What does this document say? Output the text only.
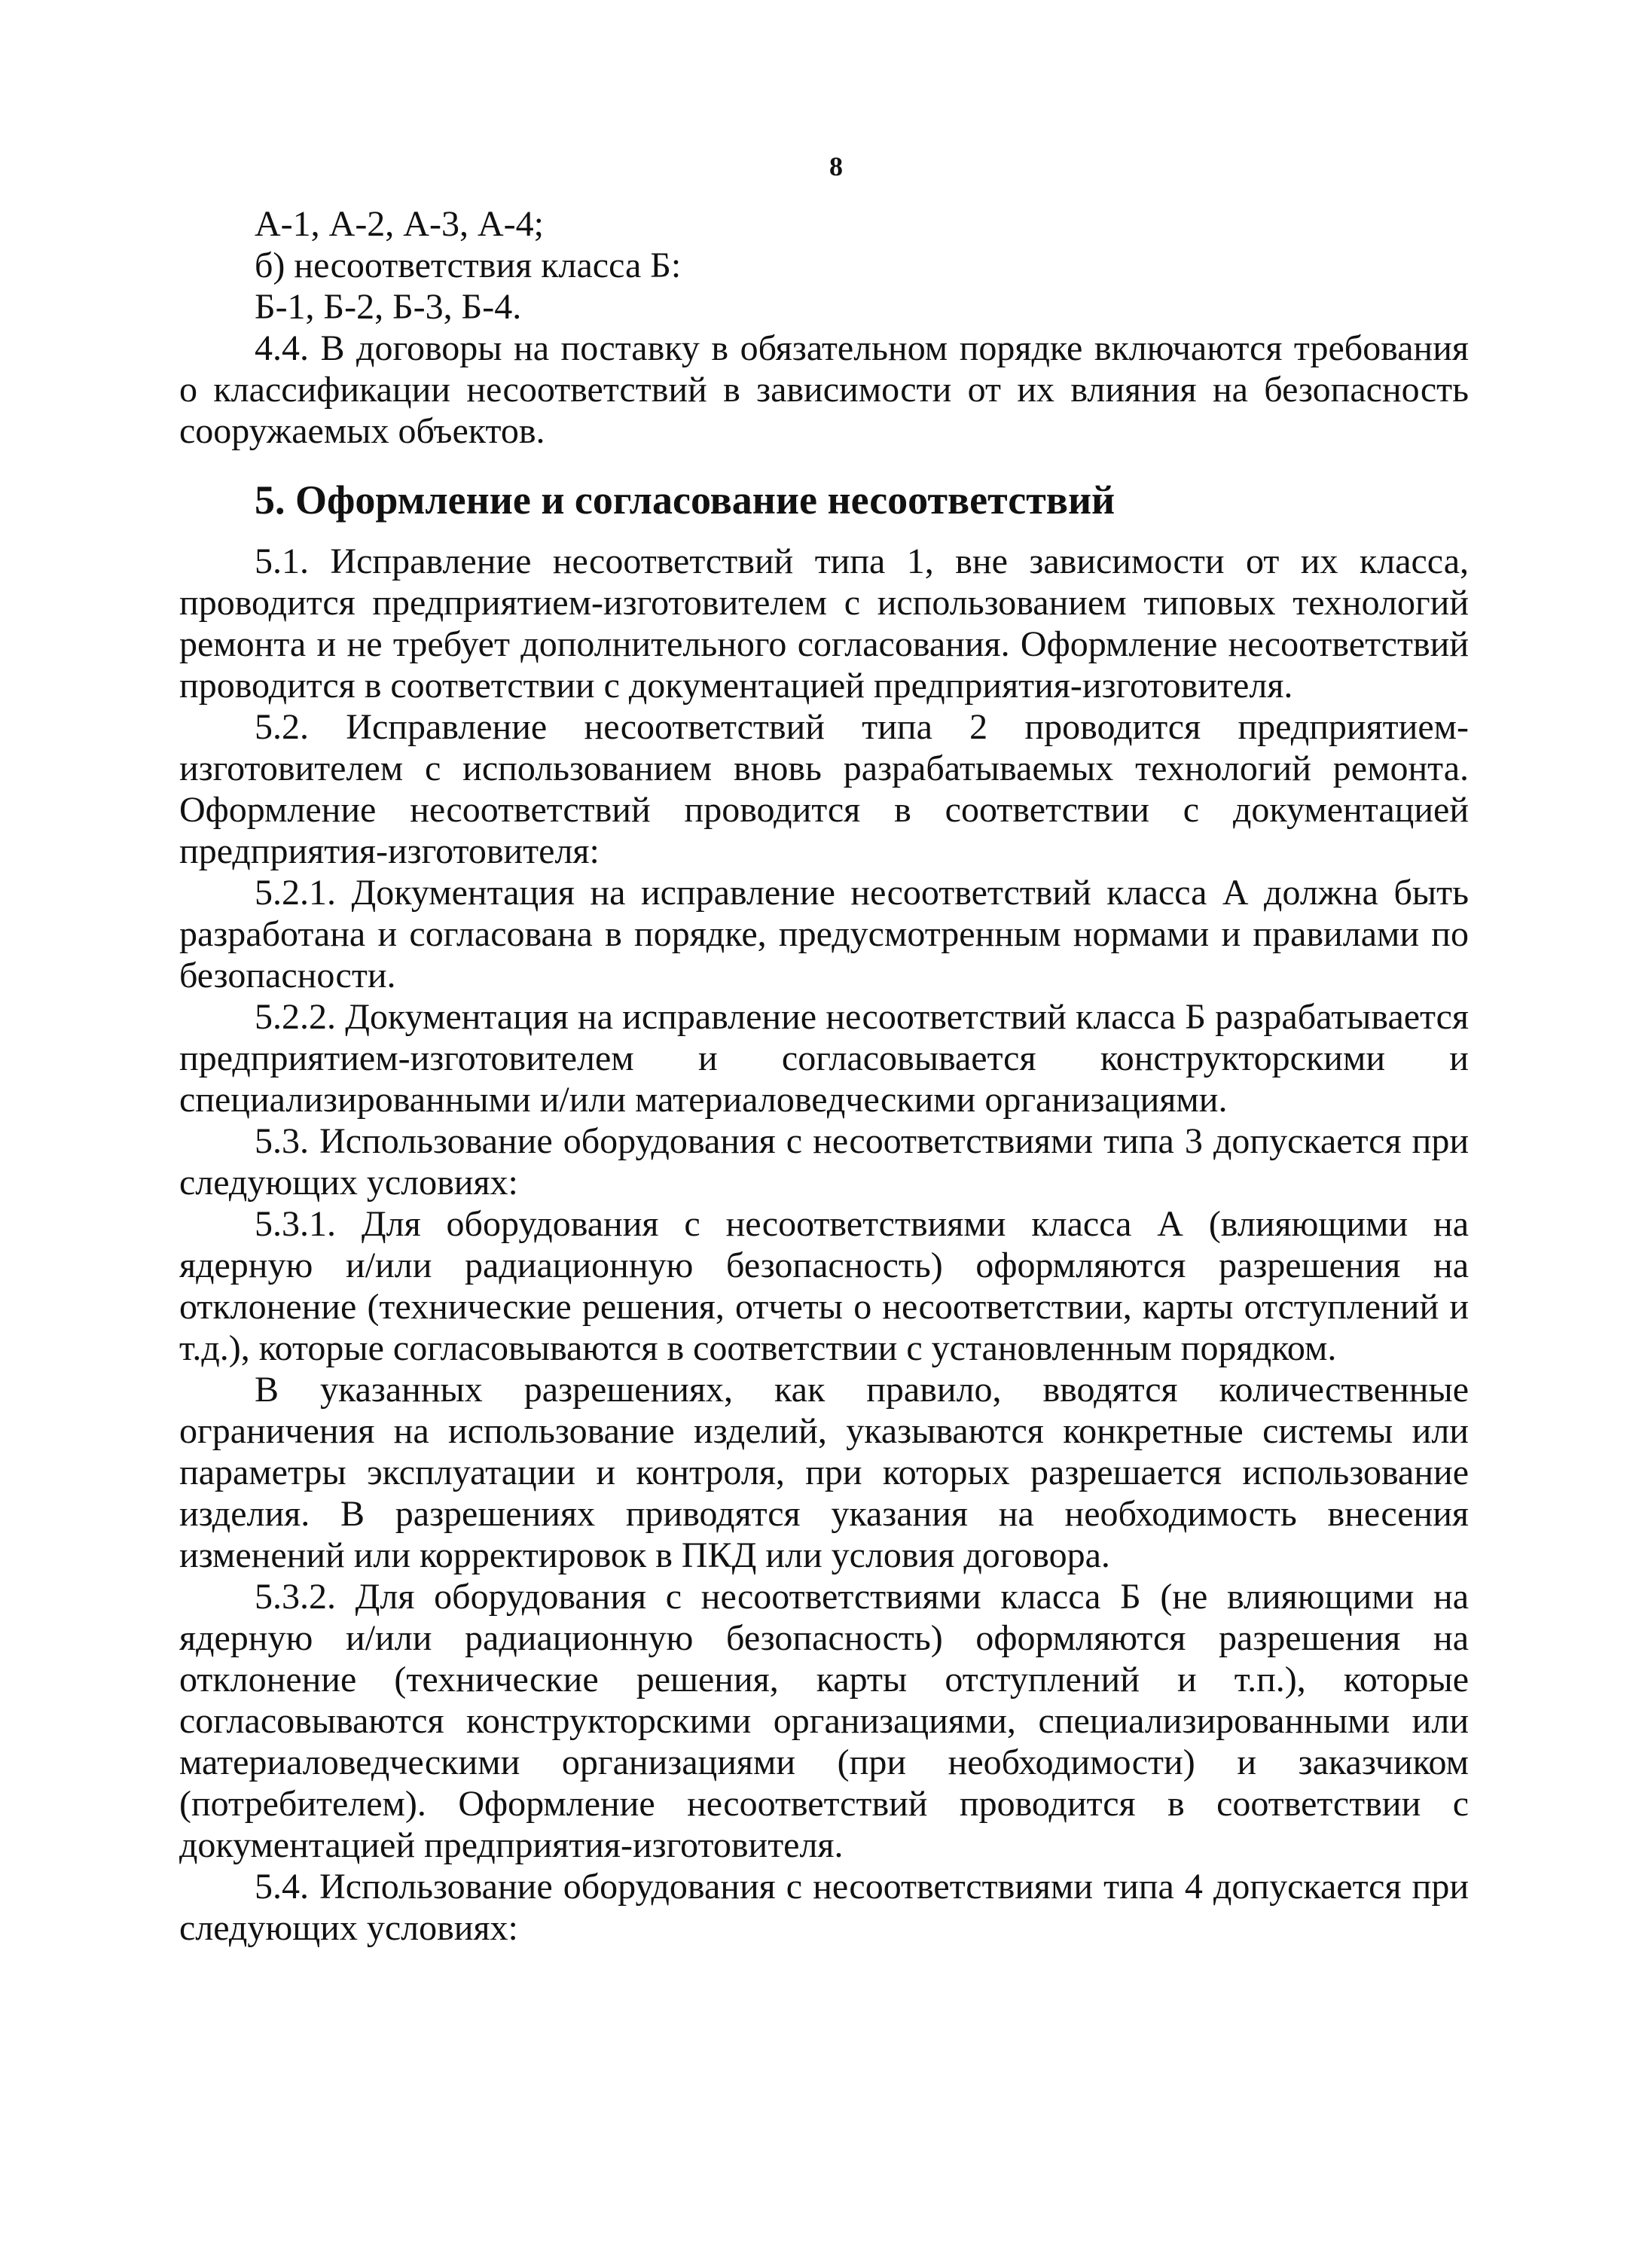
8

А-1, А-2, А-3, А-4;

б) несоответствия класса Б:

Б-1, Б-2, Б-3, Б-4.

4.4. В договоры на поставку в обязательном порядке включаются требования о классификации несоответствий в зависимости от их влияния на безопасность сооружаемых объектов.

5. Оформление и согласование несоответствий

5.1. Исправление несоответствий типа 1, вне зависимости от их класса, проводится предприятием-изготовителем с использованием типовых технологий ремонта и не требует дополнительного согласования. Оформление несоответствий проводится в соответствии с документацией предприятия-изготовителя.

5.2. Исправление несоответствий типа 2 проводится предприятием-изготовителем с использованием вновь разрабатываемых технологий ремонта. Оформление несоответствий проводится в соответствии с документацией предприятия-изготовителя:

5.2.1. Документация на исправление несоответствий класса А должна быть разработана и согласована в порядке, предусмотренным нормами и правилами по безопасности.

5.2.2. Документация на исправление несоответствий класса Б разрабатывается предприятием-изготовителем и согласовывается конструкторскими и специализированными и/или материаловедческими организациями.

5.3. Использование оборудования с несоответствиями типа 3 допускается при следующих условиях:

5.3.1. Для оборудования с несоответствиями класса А (влияющими на ядерную и/или радиационную безопасность) оформляются разрешения на отклонение (технические решения, отчеты о несоответствии, карты отступлений и т.д.), которые согласовываются в соответствии с установленным порядком.

В указанных разрешениях, как правило, вводятся количественные ограничения на использование изделий, указываются конкретные системы или параметры эксплуатации и контроля, при которых разрешается использование изделия. В разрешениях приводятся указания на необходимость внесения изменений или корректировок в ПКД или условия договора.

5.3.2. Для оборудования с несоответствиями класса Б (не влияющими на ядерную и/или радиационную безопасность) оформляются разрешения на отклонение (технические решения, карты отступлений и т.п.), которые согласовываются конструкторскими организациями, специализированными или материаловедческими организациями (при необходимости) и заказчиком (потребителем). Оформление несоответствий проводится в соответствии с документацией предприятия-изготовителя.

5.4. Использование оборудования с несоответствиями типа 4 допускается при следующих условиях:
